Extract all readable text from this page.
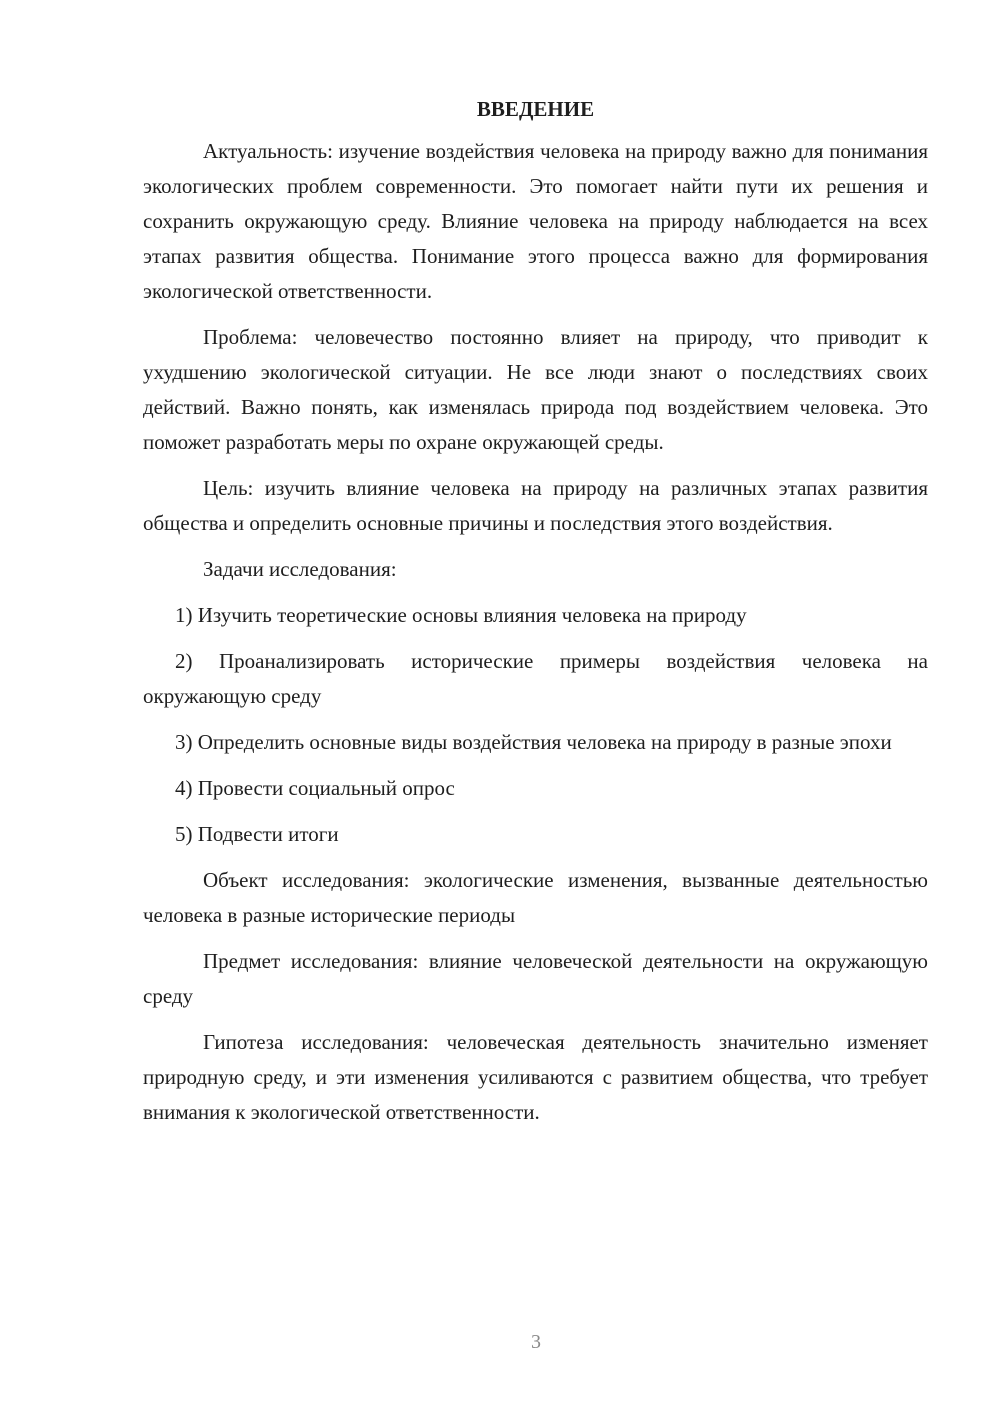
ВВЕДЕНИЕ

Актуальность: изучение воздействия человека на природу важно для понимания экологических проблем современности. Это помогает найти пути их решения и сохранить окружающую среду. Влияние человека на природу наблюдается на всех этапах развития общества. Понимание этого процесса важно для формирования экологической ответственности.

Проблема: человечество постоянно влияет на природу, что приводит к ухудшению экологической ситуации. Не все люди знают о последствиях своих действий. Важно понять, как изменялась природа под воздействием человека. Это поможет разработать меры по охране окружающей среды.

Цель: изучить влияние человека на природу на различных этапах развития общества и определить основные причины и последствия этого воздействия.

Задачи исследования:

1) Изучить теоретические основы влияния человека на природу

2) Проанализировать исторические примеры воздействия человека на окружающую среду

3) Определить основные виды воздействия человека на природу в разные эпохи

4) Провести социальный опрос

5) Подвести итоги

Объект исследования: экологические изменения, вызванные деятельностью человека в разные исторические периоды

Предмет исследования: влияние человеческой деятельности на окружающую среду

Гипотеза исследования: человеческая деятельность значительно изменяет природную среду, и эти изменения усиливаются с развитием общества, что требует внимания к экологической ответственности.

3
